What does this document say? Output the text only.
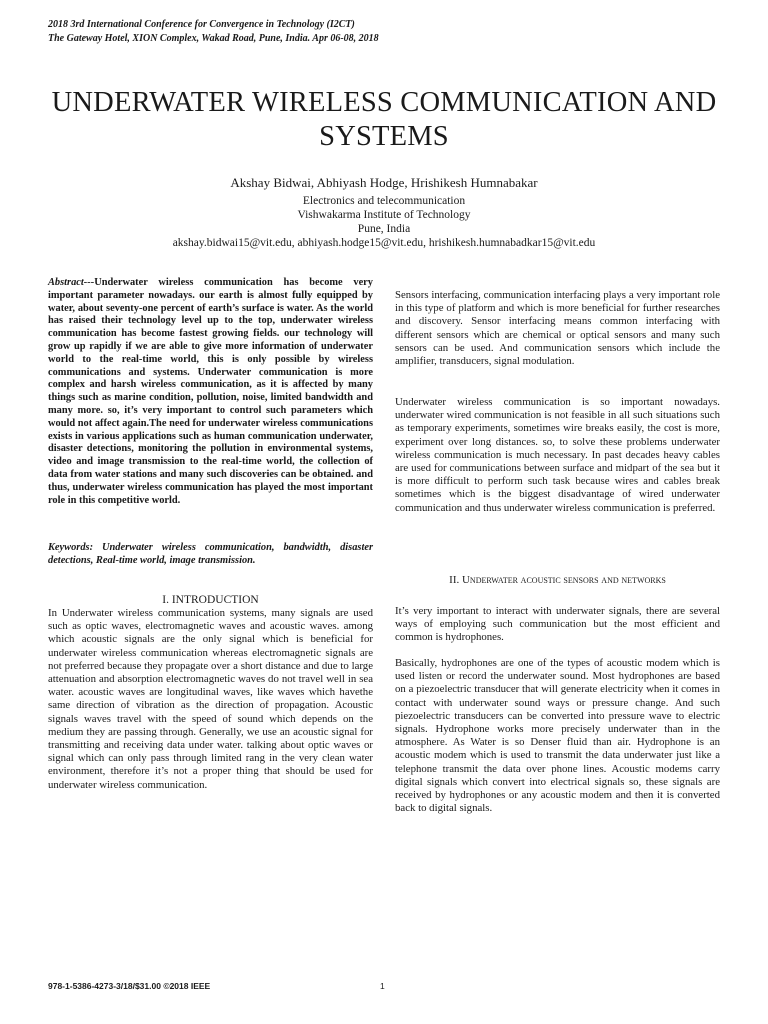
2018 3rd International Conference for Convergence in Technology (I2CT)
The Gateway Hotel, XION Complex, Wakad Road, Pune, India. Apr 06-08, 2018
UNDERWATER WIRELESS COMMUNICATION AND SYSTEMS
Akshay Bidwai, Abhiyash Hodge, Hrishikesh Humnabakar
Electronics and telecommunication
Vishwakarma Institute of Technology
Pune, India
akshay.bidwai15@vit.edu, abhiyash.hodge15@vit.edu, hrishikesh.humnabadkar15@vit.edu
Abstract---Underwater wireless communication has become very important parameter nowadays. our earth is almost fully equipped by water, about seventy-one percent of earth’s surface is water. As the world has raised their technology level up to the top, underwater wireless communication has become fastest growing fields. our technology will grow up rapidly if we are able to give more information of underwater world to the real-time world, this is only possible by wireless communications and systems. Underwater communication is more complex and harsh wireless communication, as it is affected by many things such as marine condition, pollution, noise, limited bandwidth and many more. so, it’s very important to control such parameters which would not affect again.The need for underwater wireless communications exists in various applications such as human communication underwater, disaster detections, monitoring the pollution in environmental systems, video and image transmission to the real-time world, the collection of data from water stations and many such discoveries can be obtained. and thus, underwater wireless communication has played the most important role in this competitive world.
Keywords: Underwater wireless communication, bandwidth, disaster detections, Real-time world, image transmission.
I. INTRODUCTION
In Underwater wireless communication systems, many signals are used such as optic waves, electromagnetic waves and acoustic waves. among which acoustic signals are the only signal which is beneficial for underwater wireless communication whereas electromagnetic signals are not preferred because they propagate over a short distance and due to large attenuation and absorption electromagnetic waves do not travel well in sea water. acoustic waves are longitudinal waves, like waves which havethe same direction of vibration as the direction of propagation. Acoustic signals waves travel with the speed of sound which depends on the medium they are passing through. Generally, we use an acoustic signal for transmitting and receiving data under water. talking about optic waves or signal which can only pass through limited rang in the very clean water environment, therefore it’s not a proper thing that should be used for underwater wireless communication.
Sensors interfacing, communication interfacing plays a very important role in this type of platform and which is more beneficial for further researches and discovery. Sensor interfacing means common interfacing with different sensors which are chemical or optical sensors and many such sensors can be used. And communication sensors which include the amplifier, transducers, signal modulation.
Underwater wireless communication is so important nowadays. underwater wired communication is not feasible in all such situations such as temporary experiments, sometimes wire breaks easily, the cost is more, experiment over long distances. so, to solve these problems underwater wireless communication is much necessary. In past decades heavy cables are used for communications between surface and midpart of the sea but it is more difficult to perform such task because wires and cables break sometimes which is the biggest disadvantage of wired underwater communication and thus underwater wireless communication is preferred.
II. Underwater acoustic sensors and networks
It’s very important to interact with underwater signals, there are several ways of employing such communication but the most efficient and common is hydrophones.
Basically, hydrophones are one of the types of acoustic modem which is used listen or record the underwater sound. Most hydrophones are based on a piezoelectric transducer that will generate electricity when it comes in contact with underwater sound ways or pressure change. And such piezoelectric transducers can be converted into pressure wave to electric signals. Hydrophone works more precisely underwater than in the atmosphere. As Water is so Denser fluid than air. Hydrophone is an acoustic modem which is used to transmit the data underwater just like a telephone transmit the data over phone lines. Acoustic modems carry digital signals which convert into electrical signals so, these signals are received by hydrophones or any acoustic modem and then it is converted back to digital signals.
978-1-5386-4273-3/18/$31.00 ©2018 IEEE	1
